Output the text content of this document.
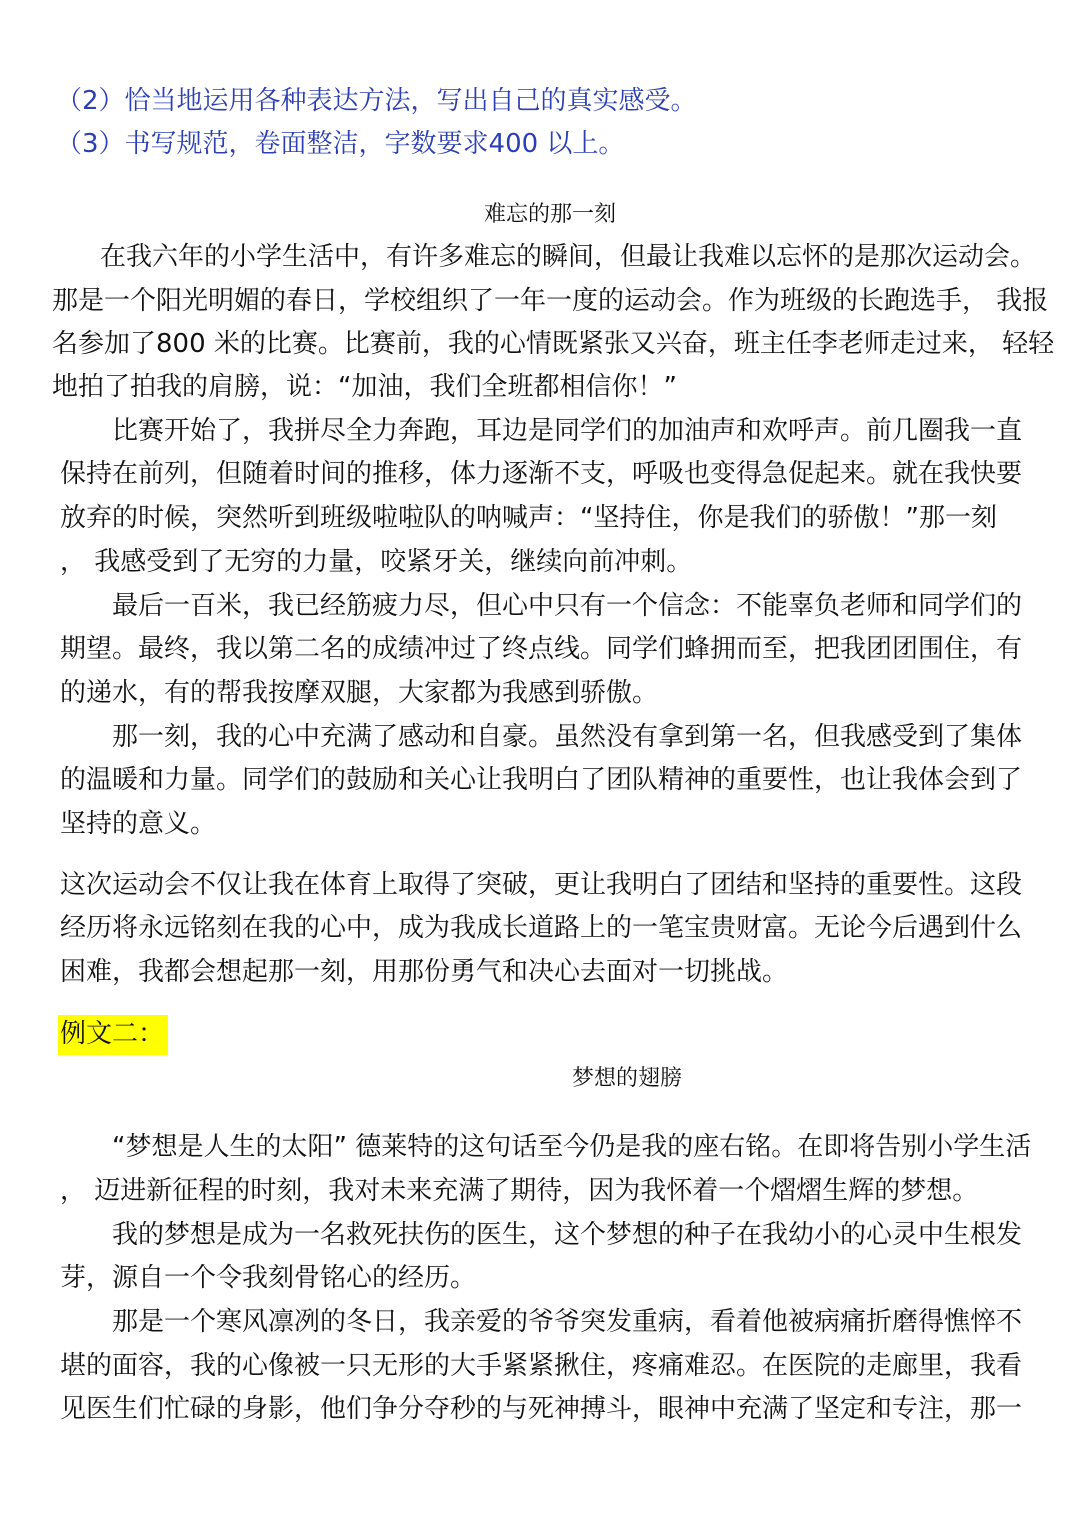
（2）恰当地运用各种表达方法，写出自己的真实感受。
（3）书写规范，卷面整洁，字数要求400 以上。
难忘的那一刻
在我六年的小学生活中，有许多难忘的瞬间，但最让我难以忘怀的是那次运动会。
那是一个阳光明媚的春日，学校组织了一年一度的运动会。作为班级的长跑选手， 我报
名参加了800 米的比赛。比赛前，我的心情既紧张又兴奋，班主任李老师走过来， 轻轻
地拍了拍我的肩膀，说：“加油，我们全班都相信你！”
比赛开始了，我拼尽全力奔跑，耳边是同学们的加油声和欢呼声。前几圈我一直
保持在前列，但随着时间的推移，体力逐渐不支，呼吸也变得急促起来。就在我快要
放弃的时候，突然听到班级啦啦队的呐喊声：“坚持住，你是我们的骄傲！”那一刻
， 我感受到了无穷的力量，咬紧牙关，继续向前冲刺。
最后一百米，我已经筋疲力尽，但心中只有一个信念：不能辜负老师和同学们的
期望。最终，我以第二名的成绩冲过了终点线。同学们蜂拥而至，把我团团围住，有
的递水，有的帮我按摩双腿，大家都为我感到骄傲。
那一刻，我的心中充满了感动和自豪。虽然没有拿到第一名，但我感受到了集体
的温暖和力量。同学们的鼓励和关心让我明白了团队精神的重要性，也让我体会到了
坚持的意义。
这次运动会不仅让我在体育上取得了突破，更让我明白了团结和坚持的重要性。这段
经历将永远铭刻在我的心中，成为我成长道路上的一笔宝贵财富。无论今后遇到什么
困难，我都会想起那一刻，用那份勇气和决心去面对一切挑战。
例文二：
梦想的翅膀
“梦想是人生的太阳” 德莱特的这句话至今仍是我的座右铭。在即将告别小学生活
， 迈进新征程的时刻，我对未来充满了期待，因为我怀着一个熠熠生辉的梦想。
我的梦想是成为一名救死扶伤的医生，这个梦想的种子在我幼小的心灵中生根发
芽，源自一个令我刻骨铭心的经历。
那是一个寒风凛冽的冬日，我亲爱的爷爷突发重病，看着他被病痛折磨得憔悴不
堪的面容，我的心像被一只无形的大手紧紧揪住，疼痛难忍。在医院的走廊里，我看
见医生们忙碌的身影，他们争分夺秒的与死神搏斗，眼神中充满了坚定和专注，那一
